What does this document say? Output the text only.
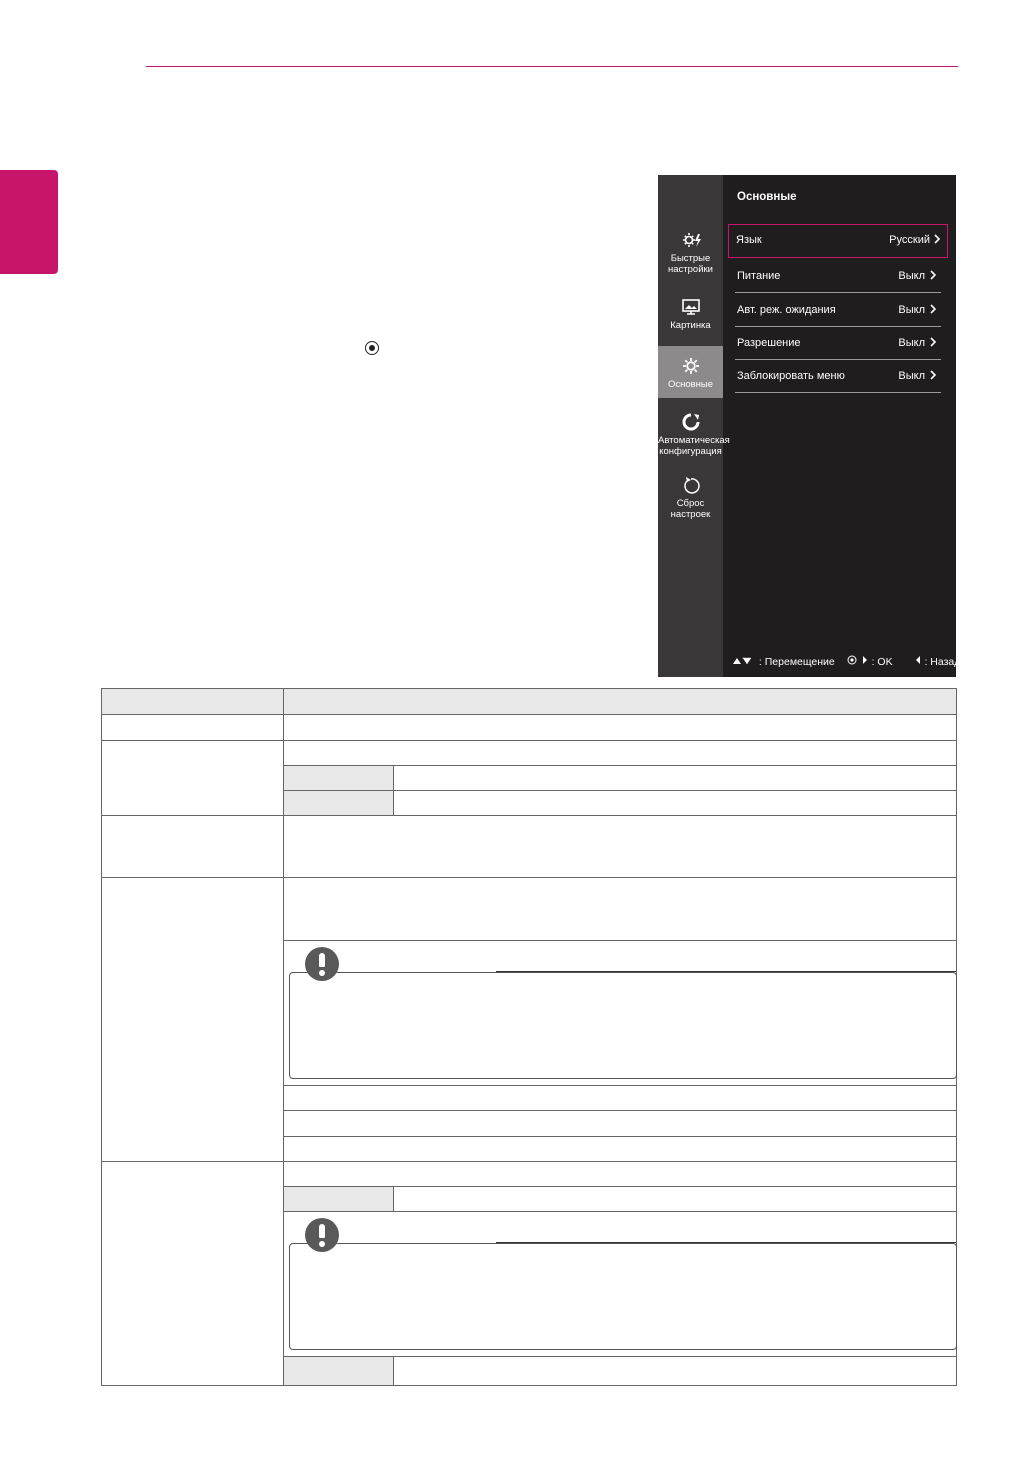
Быстрые
настройки
Картинка
Основные
Автоматическая
конфигурация
Сброс
настроек
Основные
Язык	Русский
Питание	Выкл
Авт. реж. ожидания	Выкл
Разрешение	Выкл
Заблокировать меню	Выкл
: Перемещение	: OK	: Назад
